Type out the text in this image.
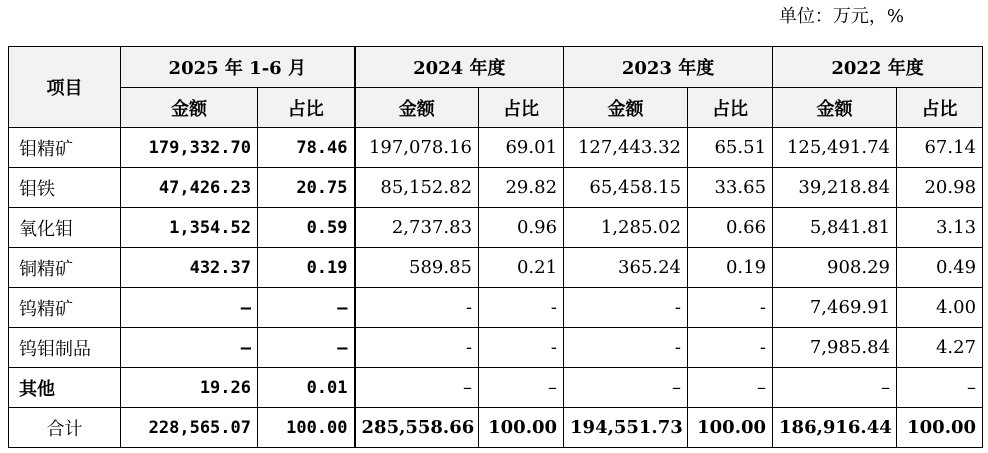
单位：万元，%
项目	2025 年 1-6 月		2024 年度		2023 年度		2022 年度	
	金额	占比	金额	占比	金额	占比	金额	占比
钼精矿	179,332.70	78.46	197,078.16	69.01	127,443.32	65.51	125,491.74	67.14
钼铁	47,426.23	20.75	85,152.82	29.82	65,458.15	33.65	39,218.84	20.98
氧化钼	1,354.52	0.59	2,737.83	0.96	1,285.02	0.66	5,841.81	3.13
铜精矿	432.37	0.19	589.85	0.21	365.24	0.19	908.29	0.49
钨精矿	–	–	-	-	-	-	7,469.91	4.00
钨钼制品	–	–	-	-	-	-	7,985.84	4.27
其他	19.26	0.01	–	–	–	–	–	–
合计	228,565.07	100.00	285,558.66	100.00	194,551.73	100.00	186,916.44	100.00
